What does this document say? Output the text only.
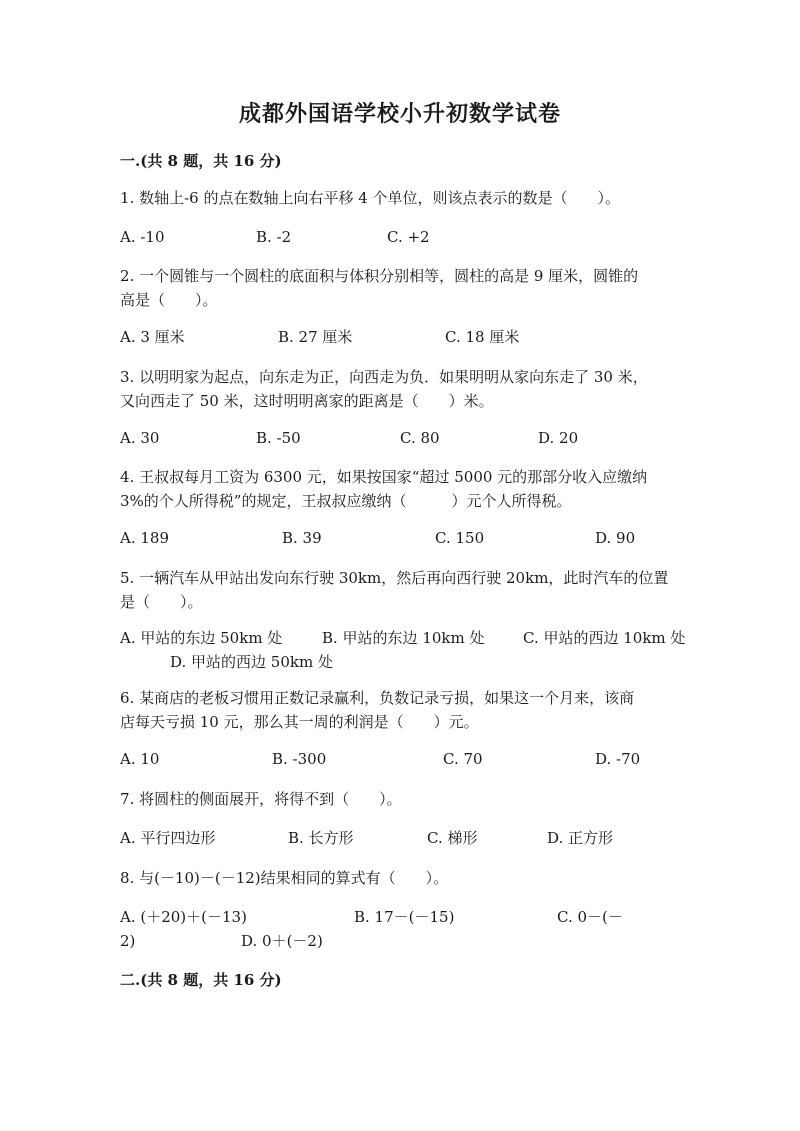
成都外国语学校小升初数学试卷
一.(共 8 题，共 16 分)
1. 数轴上-6 的点在数轴上向右平移 4 个单位，则该点表示的数是（　　）。
A. -10	B. -2	C. +2
2. 一个圆锥与一个圆柱的底面积与体积分别相等，圆柱的高是 9 厘米，圆锥的
高是（　　）。
A. 3 厘米	B. 27 厘米	C. 18 厘米
3. 以明明家为起点，向东走为正，向西走为负．如果明明从家向东走了 30 米，
又向西走了 50 米，这时明明离家的距离是（　　）米。
A. 30	B. -50	C. 80	D. 20
4. 王叔叔每月工资为 6300 元，如果按国家“超过 5000 元的那部分收入应缴纳
3%的个人所得税”的规定，王叔叔应缴纳（　　　）元个人所得税。
A. 189	B. 39	C. 150	D. 90
5. 一辆汽车从甲站出发向东行驶 30km，然后再向西行驶 20km，此时汽车的位置
是（　　）。
A. 甲站的东边 50km 处	B. 甲站的东边 10km 处	C. 甲站的西边 10km 处
D. 甲站的西边 50km 处
6. 某商店的老板习惯用正数记录赢利，负数记录亏损，如果这一个月来，该商
店每天亏损 10 元，那么其一周的利润是（　　）元。
A. 10	B. -300	C. 70	D. -70
7. 将圆柱的侧面展开，将得不到（　　）。
A. 平行四边形	B. 长方形	C. 梯形	D. 正方形
8. 与(－10)－(－12)结果相同的算式有（　　）。
A. (＋20)＋(－13)	B. 17－(－15)	C. 0－(－
2)	D. 0＋(－2)
二.(共 8 题，共 16 分)
